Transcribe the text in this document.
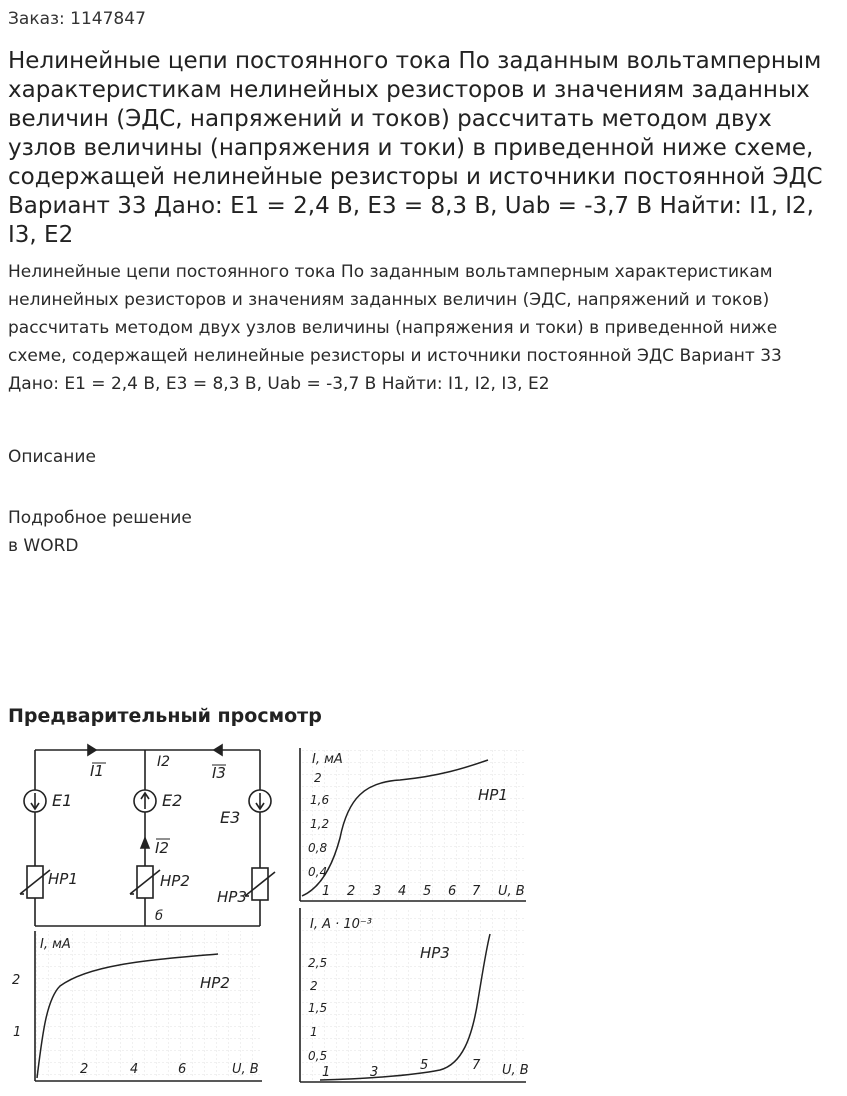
Заказ: 1147847
Нелинейные цепи постоянного тока По заданным вольтамперным характеристикам нелинейных резисторов и значениям заданных величин (ЭДС, напряжений и токов) рассчитать методом двух узлов величины (напряжения и токи) в приведенной ниже схеме, содержащей нелинейные резисторы и источники постоянной ЭДС Вариант 33 Дано: E1 = 2,4 В, E3 = 8,3 В, Uab = -3,7 В Найти: I1, I2, I3, E2

Нелинейные цепи постоянного тока По заданным вольтамперным характеристикам нелинейных резисторов и значениям заданных величин (ЭДС, напряжений и токов) рассчитать методом двух узлов величины (напряжения и токи) в приведенной ниже схеме, содержащей нелинейные резисторы и источники постоянной ЭДС Вариант 33 Дано: E1 = 2,4 В, E3 = 8,3 В, Uab = -3,7 В Найти: I1, I2, I3, E2

Описание
Подробное решение
в WORD
Предварительный просмотр
I1	I2
I3
I2
E1	E2
E3
НР1	НР2
НР3
б
I, мА
НР2
2
1
2	4	6	U, В
I, мА
НР1
2
1,6
1,2
0,8
0,4
1 2 3 4 5 6 7 U, В
I, А · 10⁻³
НР3
2,5
2
1,5
1
0,5
1	3	5	7 U, В
